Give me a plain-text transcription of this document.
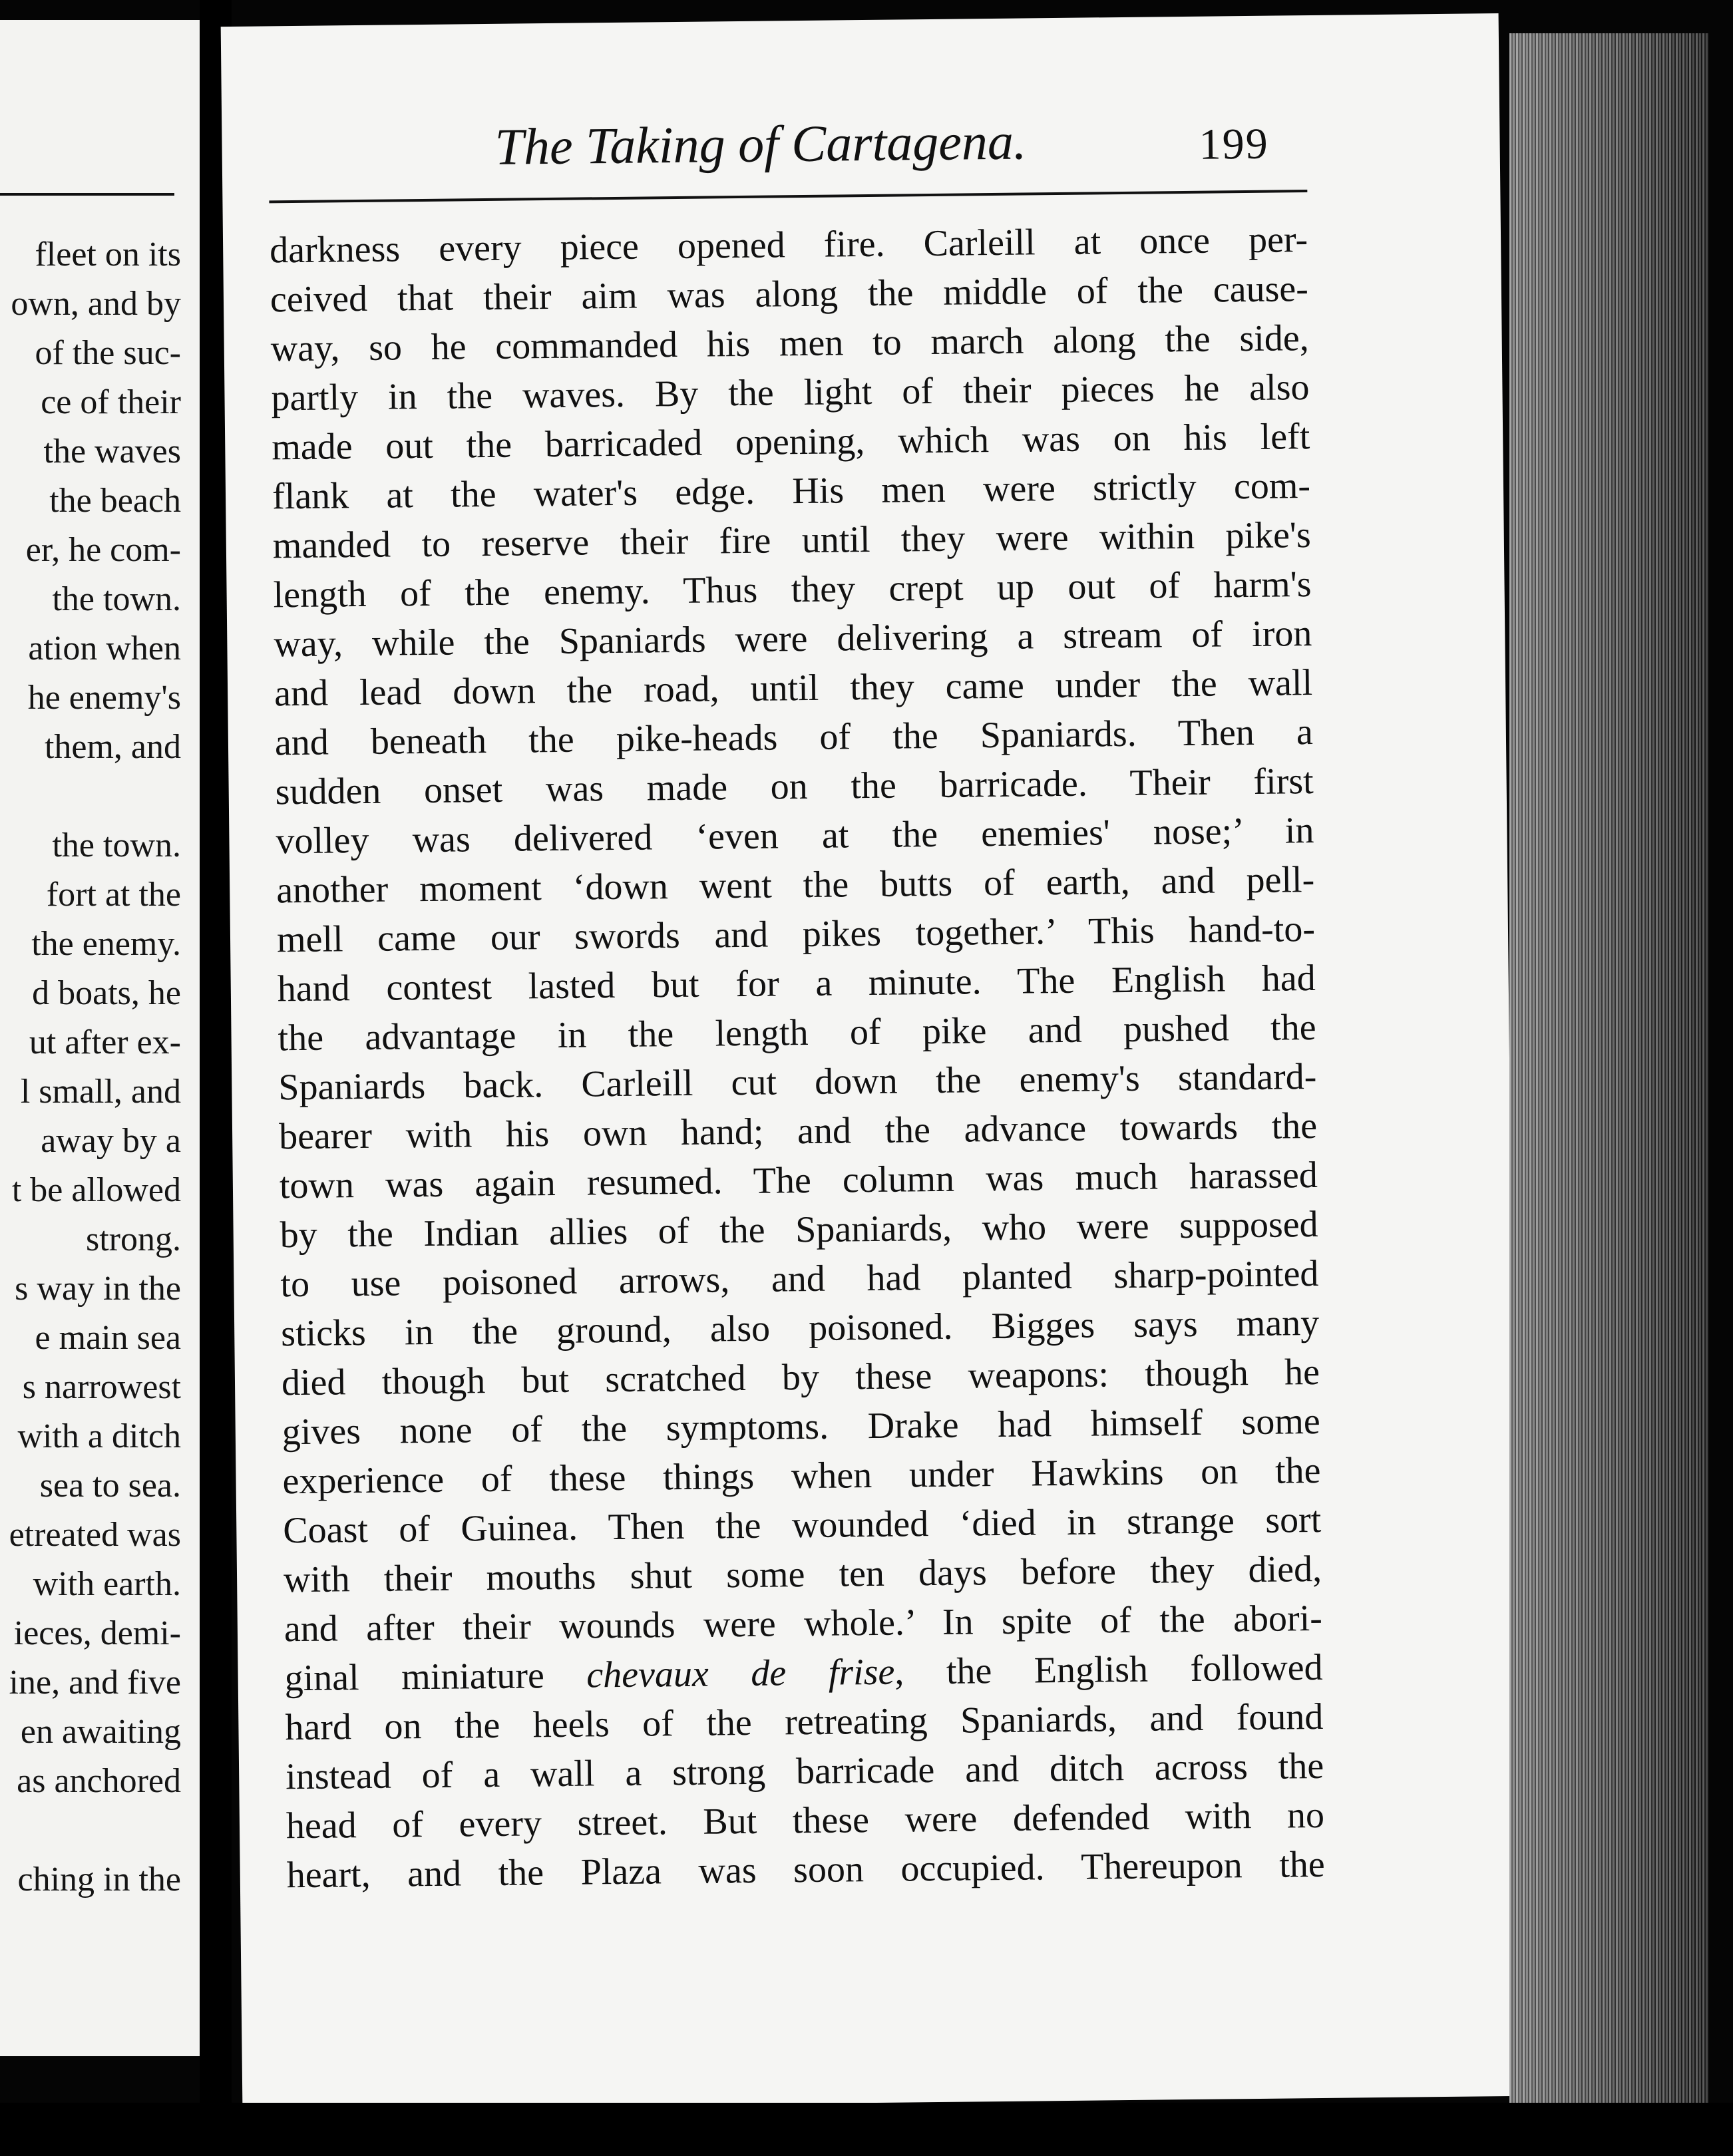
fleet on its
own, and by
of the suc-
ce of their
the waves
the beach
er, he com-
the town.
ation when
he enemy's
them, and
the town.
fort at the
the enemy.
d boats, he
ut after ex-
l small, and
away by a
t be allowed
strong.
s way in the
e main sea
s narrowest
with a ditch
sea to sea.
etreated was
with earth.
ieces, demi-
ine, and five
en awaiting
as anchored
ching in the
The Taking of Cartagena.	199
darkness every piece opened fire. Carleill at once per-
ceived that their aim was along the middle of the cause-
way, so he commanded his men to march along the side,
partly in the waves. By the light of their pieces he also
made out the barricaded opening, which was on his left
flank at the water's edge. His men were strictly com-
manded to reserve their fire until they were within pike's
length of the enemy. Thus they crept up out of harm's
way, while the Spaniards were delivering a stream of iron
and lead down the road, until they came under the wall
and beneath the pike-heads of the Spaniards. Then a
sudden onset was made on the barricade. Their first
volley was delivered ‘even at the enemies' nose;’ in
another moment ‘down went the butts of earth, and pell-
mell came our swords and pikes together.’ This hand-to-
hand contest lasted but for a minute. The English had
the advantage in the length of pike and pushed the
Spaniards back. Carleill cut down the enemy's standard-
bearer with his own hand; and the advance towards the
town was again resumed. The column was much harassed
by the Indian allies of the Spaniards, who were supposed
to use poisoned arrows, and had planted sharp-pointed
sticks in the ground, also poisoned. Bigges says many
died though but scratched by these weapons: though he
gives none of the symptoms. Drake had himself some
experience of these things when under Hawkins on the
Coast of Guinea. Then the wounded ‘died in strange sort
with their mouths shut some ten days before they died,
and after their wounds were whole.’ In spite of the abori-
ginal miniature chevaux de frise, the English followed
hard on the heels of the retreating Spaniards, and found
instead of a wall a strong barricade and ditch across the
head of every street. But these were defended with no
heart, and the Plaza was soon occupied. Thereupon the
